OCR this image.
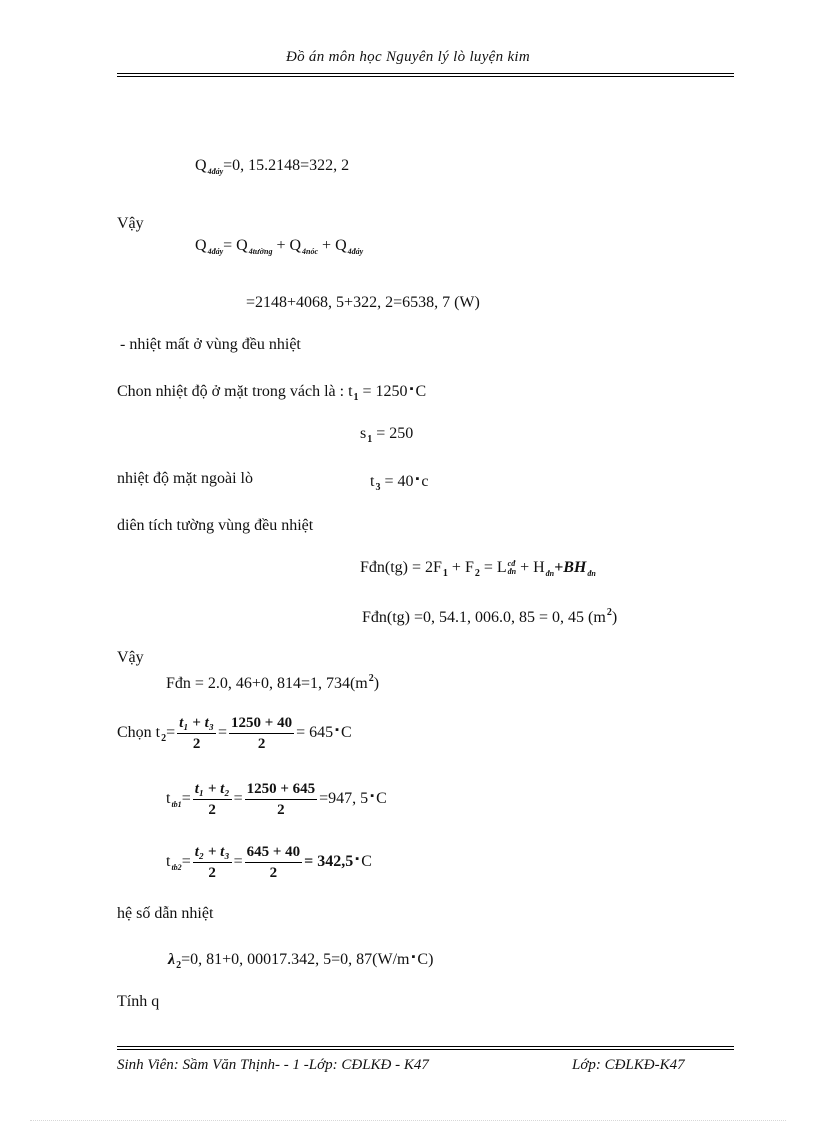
Đồ án môn học Nguyên lý lò luyện kim
$Q_{4đáy}=0$, 15.2148=322, 2
Vậy
$Q_{4đáy}= Q_{4tường} + Q_{4nóc} + Q_{4đáy}$
=2148+4068, 5+322, 2=6538, 7 (W)
- nhiệt mất ở vùng đều nhiệt
Chon nhiệt độ ở mặt trong vách là : $t_1 = 1250$ ▪ C
$s_1 = 250$
nhiệt độ mặt ngoài lò	$t_3 = 40$ ▪ c
diên tích tường vùng đều nhiệt
Fđn(tg) = $2F_1 + F_2 = L$ cđ
đn + $H_{đn}+BH_{đn}$
Fđn(tg) =0, 54.1, 006.0, 85 = 0, 45 $(m^2)$
Vậy
Fđn = 2.0, 46+0, 814=1, $734(m^2)$
Chọn $t_2= \frac{\text{t₁ + t₃}}{2} = \frac{1250 + 40}{2} = 645$ ▪ C
$t_{tb1}= \frac{\text{t₁ + t₂}}{2} = \frac{1250 + 645}{2} =947$, 5 ▪ C
$t_{tb2}= \frac{\text{t₂ + t₃}}{2} = \frac{645 + 40}{2} = 342,5$ ▪ C
hệ số dẫn nhiệt
$\lambda_2=0$, 81+0, 00017.342, 5=0, 87(W/m ▪ C)
Tính q
Sinh Viên: Sầm Văn Thịnh- - 1 -Lớp: CĐLKĐ - K47	Lớp: CĐLKĐ-K47
